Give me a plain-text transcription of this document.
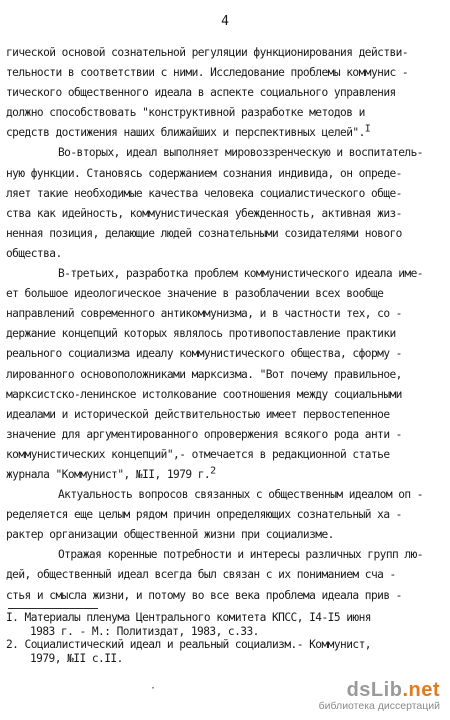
4
гической основой сознательной регуляции функционирования действи-
тельности в соответствии с ними. Исследование проблемы коммунис -
тического общественного идеала в аспекте социального управления
должно способствовать "конструктивной разработке методов и
средств достижения наших ближайших и перспективных целей".$^I$
Во-вторых, идеал выполняет мировоззренческую и воспитатель-
ную функции. Становясь содержанием сознания индивида, он опреде-
ляет такие необходимые качества человека социалистического обще-
ства как идейность, коммунистическая убежденность, активная жиз-
ненная позиция, делающие людей сознательными созидателями нового
общества.
В-третьих, разработка проблем коммунистического идеала име-
ет большое идеологическое значение в разоблачении всех вообще
направлений современного антикоммунизма, и в частности тех, со -
держание концепций которых являлось противопоставление практики
реального социализма идеалу коммунистического общества, сформу -
лированного основоположниками марксизма. "Вот почему правильное,
марксистско-ленинское истолкование соотношения между социальными
идеалами и исторической действительностью имеет первостепенное
значение для аргументированного опровержения всякого рода анти -
коммунистических концепций",- отмечается в редакционной статье
журнала "Коммунист", №II, 1979 г.$^2$
Актуальность вопросов связанных с общественным идеалом оп -
ределяется еще целым рядом причин определяющих сознательный ха -
рактер организации общественной жизни при социализме.
Отражая коренные потребности и интересы различных групп лю-
дей, общественный идеал всегда был связан с их пониманием сча -
стья и смысла жизни, и потому во все века проблема идеала прив -
I. Материалы пленума Центрального комитета КПСС, I4-I5 июня
1983 г. - М.: Политиздат, 1983, с.33.
2. Социалистический идеал и реальный социализм.- Коммунист,
1979, №II с.II.
·	dsLib.net
библиотека диссертаций
